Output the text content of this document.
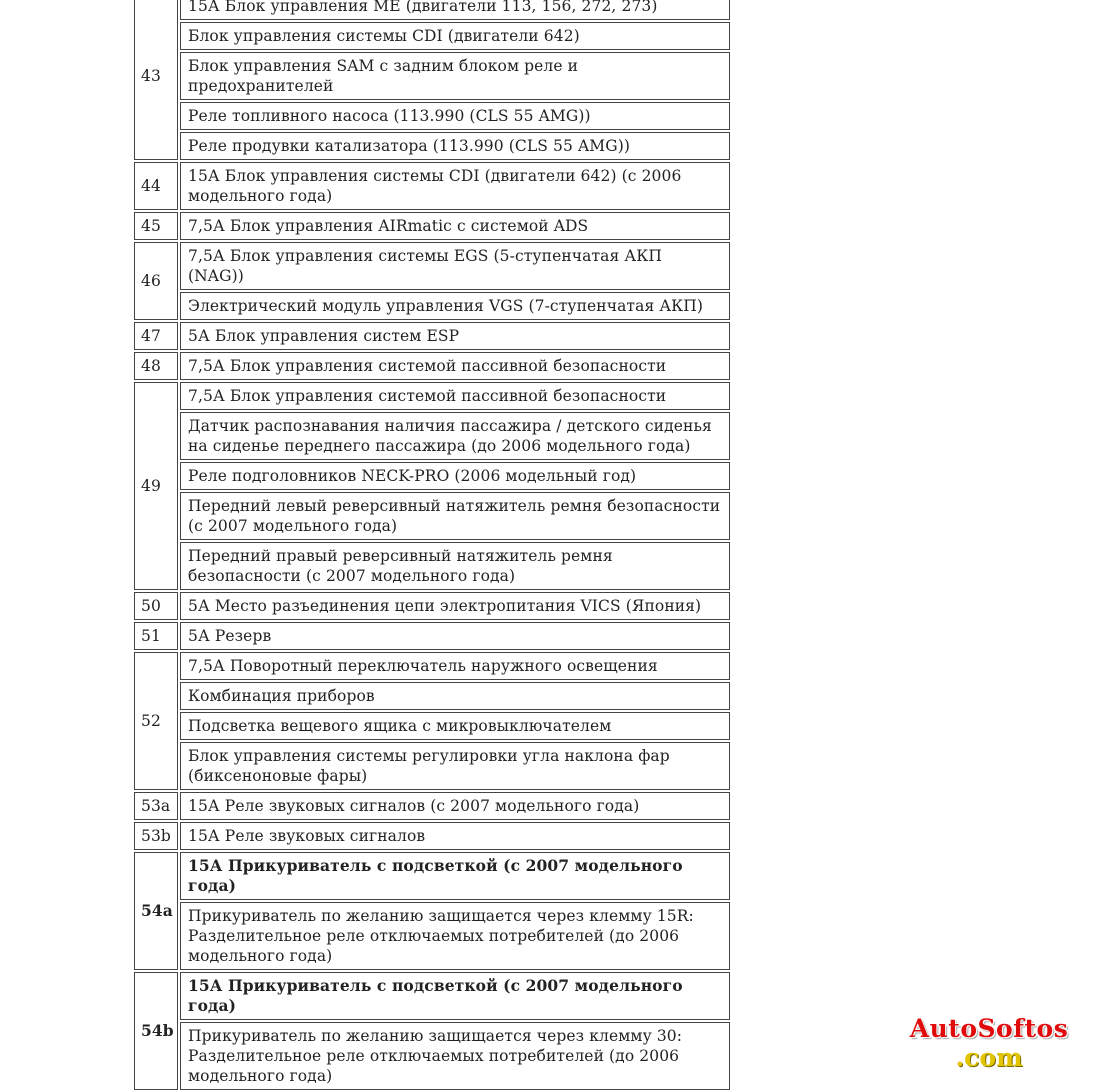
43	15А Блок управления ME (двигатели 113, 156, 272, 273)
	Блок управления системы CDI (двигатели 642)
	Блок управления SAM с задним блоком реле и предохранителей
	Реле топливного насоса (113.990 (CLS 55 AMG))
	Реле продувки катализатора (113.990 (CLS 55 AMG))
44	15А Блок управления системы CDI (двигатели 642) (с 2006 модельного года)
45	7,5А Блок управления AIRmatic с системой ADS
46	7,5А Блок управления системы EGS (5-ступенчатая АКП (NAG))
	Электрический модуль управления VGS (7-ступенчатая АКП)
47	5А Блок управления систем ESP
48	7,5А Блок управления системой пассивной безопасности
49	7,5А Блок управления системой пассивной безопасности
	Датчик распознавания наличия пассажира / детского сиденья на сиденье переднего пассажира (до 2006 модельного года)
	Реле подголовников NECK-PRO (2006 модельный год)
	Передний левый реверсивный натяжитель ремня безопасности (с 2007 модельного года)
	Передний правый реверсивный натяжитель ремня безопасности (с 2007 модельного года)
50	5А Место разъединения цепи электропитания VICS (Япония)
51	5А Резерв
52	7,5А Поворотный переключатель наружного освещения
	Комбинация приборов
	Подсветка вещевого ящика с микровыключателем
	Блок управления системы регулировки угла наклона фар (биксеноновые фары)
53a	15А Реле звуковых сигналов (с 2007 модельного года)
53b	15А Реле звуковых сигналов
54a	15А Прикуриватель с подсветкой (с 2007 модельного года)
	Прикуриватель по желанию защищается через клемму 15R: Разделительное реле отключаемых потребителей (до 2006 модельного года)
54b	15А Прикуриватель с подсветкой (с 2007 модельного года)
	Прикуриватель по желанию защищается через клемму 30: Разделительное реле отключаемых потребителей (до 2006 модельного года)
AutoSoftos
.com
